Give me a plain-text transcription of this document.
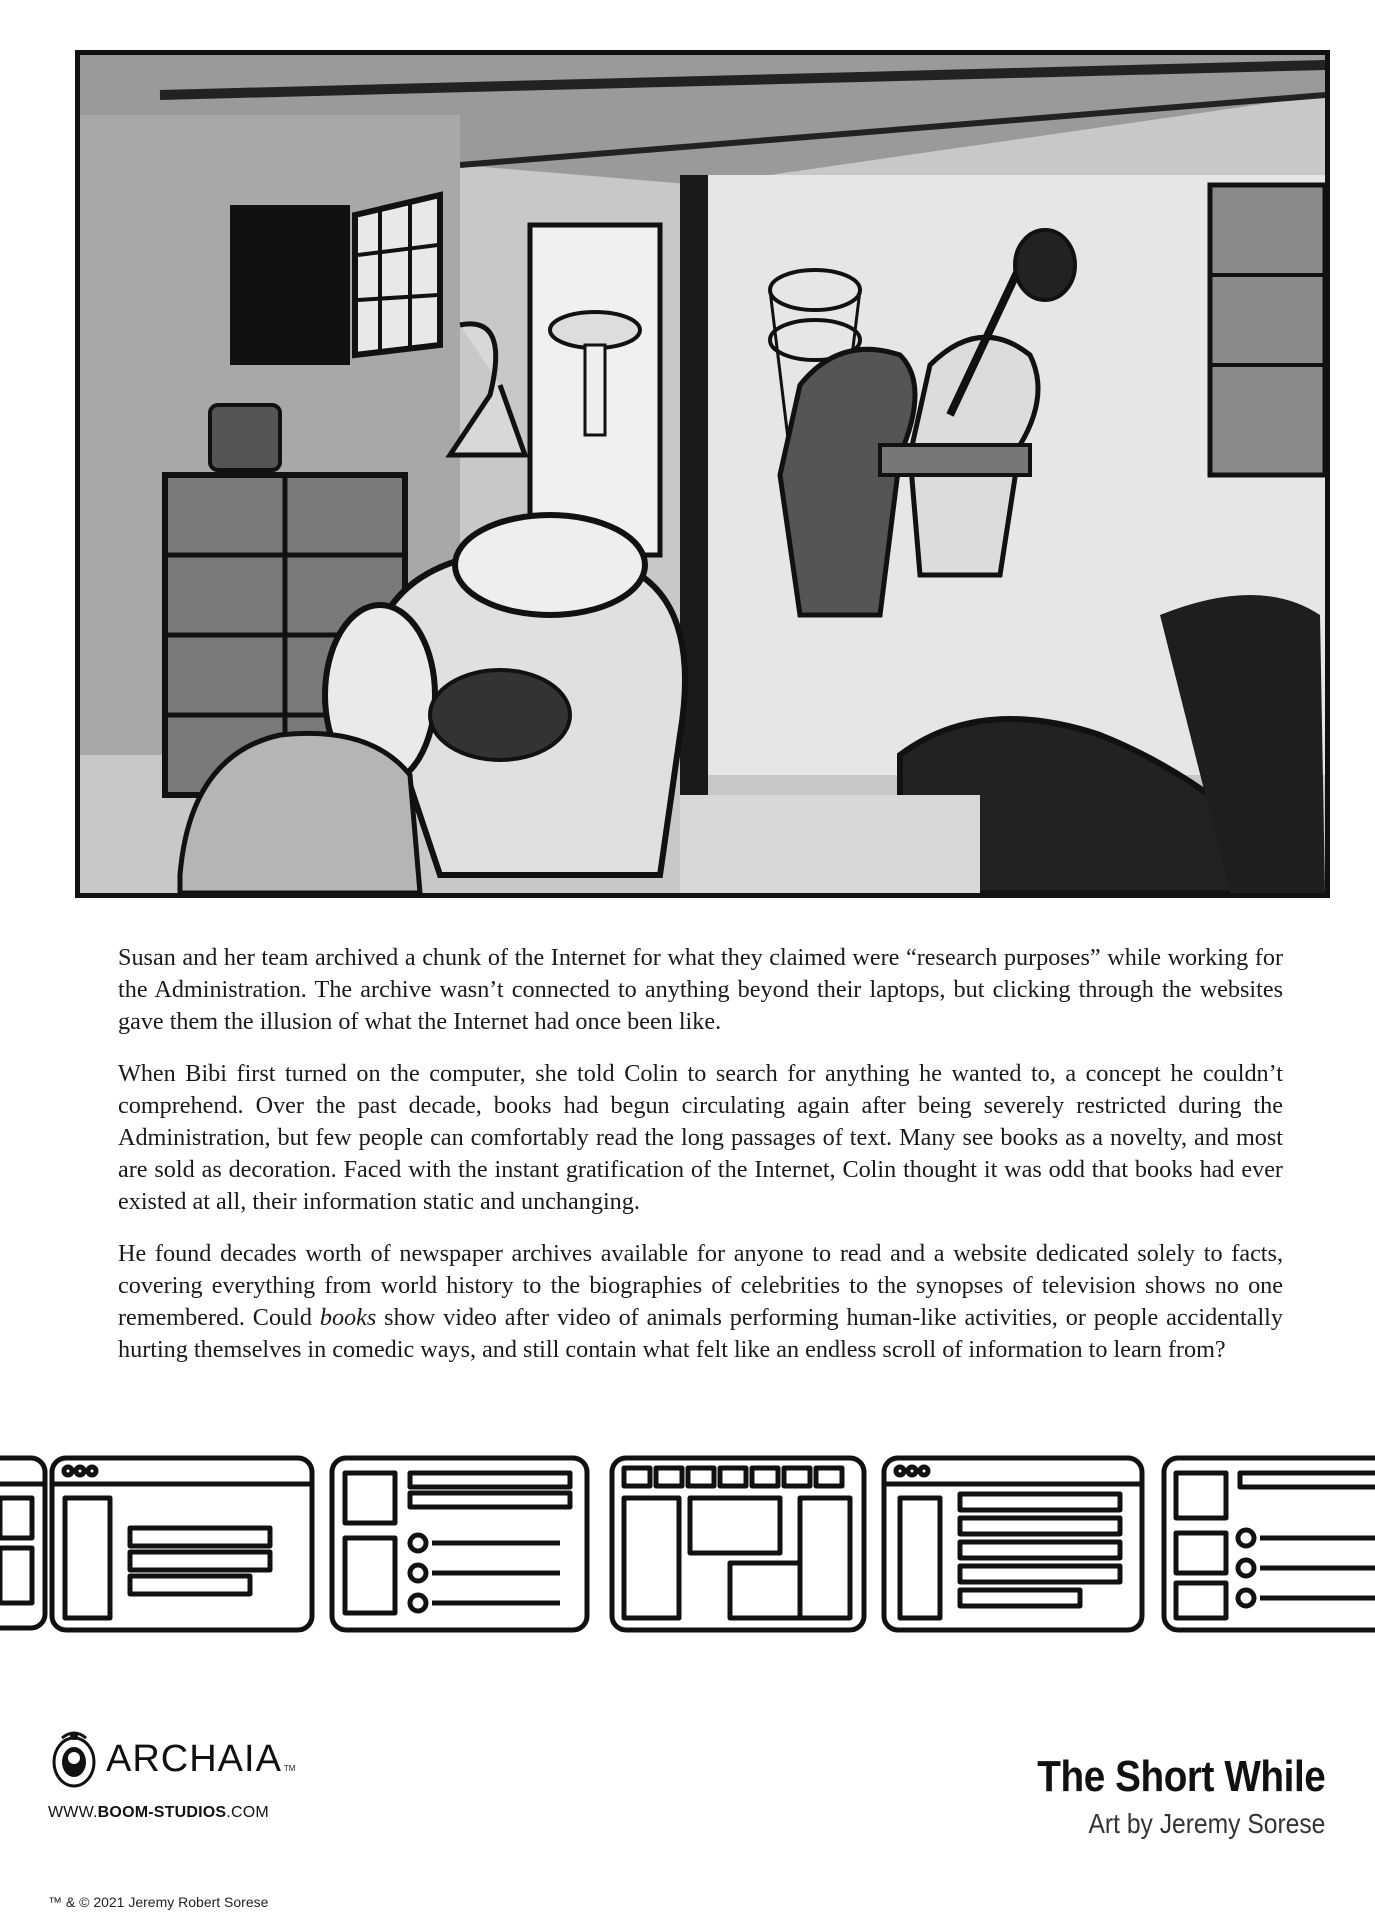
Susan and her team archived a chunk of the Internet for what they claimed were “research purposes” while working for the Administration. The archive wasn’t connected to anything beyond their laptops, but clicking through the websites gave them the illusion of what the Internet had once been like.

When Bibi first turned on the computer, she told Colin to search for anything he wanted to, a concept he couldn’t comprehend. Over the past decade, books had begun circulating again after being severely restricted during the Administration, but few people can comfortably read the long passages of text. Many see books as a novelty, and most are sold as decoration. Faced with the instant gratification of the Internet, Colin thought it was odd that books had ever existed at all, their information static and unchanging.

He found decades worth of newspaper archives available for anyone to read and a website dedicated solely to facts, covering everything from world history to the biographies of celebrities to the synopses of television shows no one remembered. Could books show video after video of animals performing human-like activities, or people accidentally hurting themselves in comedic ways, and still contain what felt like an endless scroll of information to learn from?

ARCHAIA TM
WWW.BOOM-STUDIOS.COM
The Short While
Art by Jeremy Sorese
™ & © 2021 Jeremy Robert Sorese
